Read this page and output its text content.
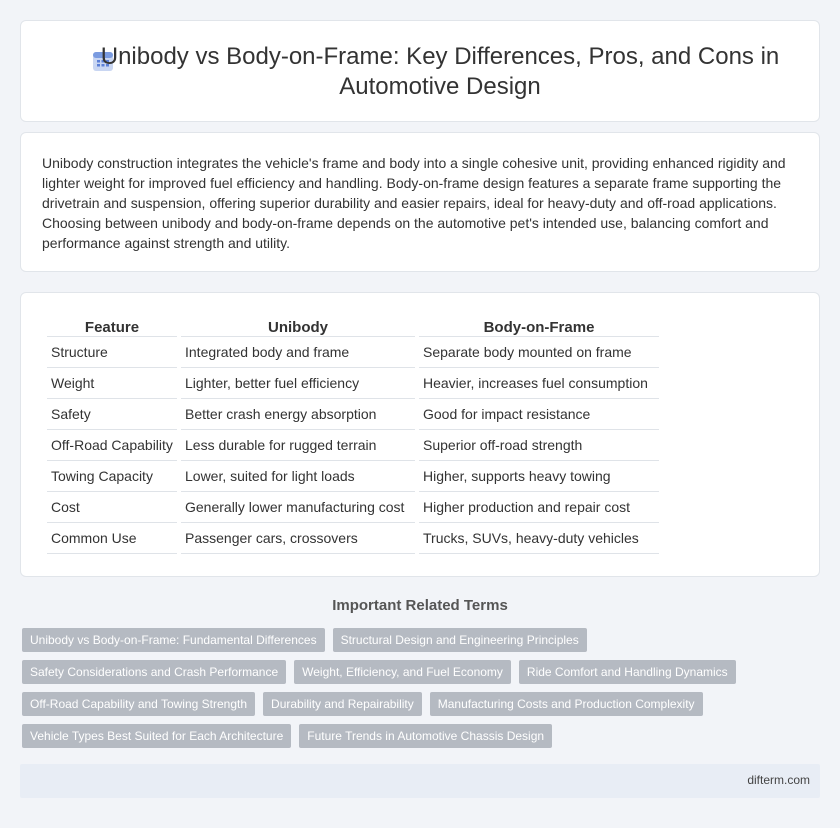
Unibody vs Body-on-Frame: Key Differences, Pros, and Cons in Automotive Design

Unibody construction integrates the vehicle's frame and body into a single cohesive unit, providing enhanced rigidity and lighter weight for improved fuel efficiency and handling. Body-on-frame design features a separate frame supporting the drivetrain and suspension, offering superior durability and easier repairs, ideal for heavy-duty and off-road applications. Choosing between unibody and body-on-frame depends on the automotive pet's intended use, balancing comfort and performance against strength and utility.

Feature	Unibody	Body-on-Frame
Structure	Integrated body and frame	Separate body mounted on frame
Weight	Lighter, better fuel efficiency	Heavier, increases fuel consumption
Safety	Better crash energy absorption	Good for impact resistance
Off-Road Capability	Less durable for rugged terrain	Superior off-road strength
Towing Capacity	Lower, suited for light loads	Higher, supports heavy towing
Cost	Generally lower manufacturing cost	Higher production and repair cost
Common Use	Passenger cars, crossovers	Trucks, SUVs, heavy-duty vehicles
Important Related Terms
Unibody vs Body-on-Frame: Fundamental Differences	Structural Design and Engineering Principles
Safety Considerations and Crash Performance	Weight, Efficiency, and Fuel Economy	Ride Comfort and Handling Dynamics
Off-Road Capability and Towing Strength	Durability and Repairability	Manufacturing Costs and Production Complexity
Vehicle Types Best Suited for Each Architecture	Future Trends in Automotive Chassis Design
difterm.com
